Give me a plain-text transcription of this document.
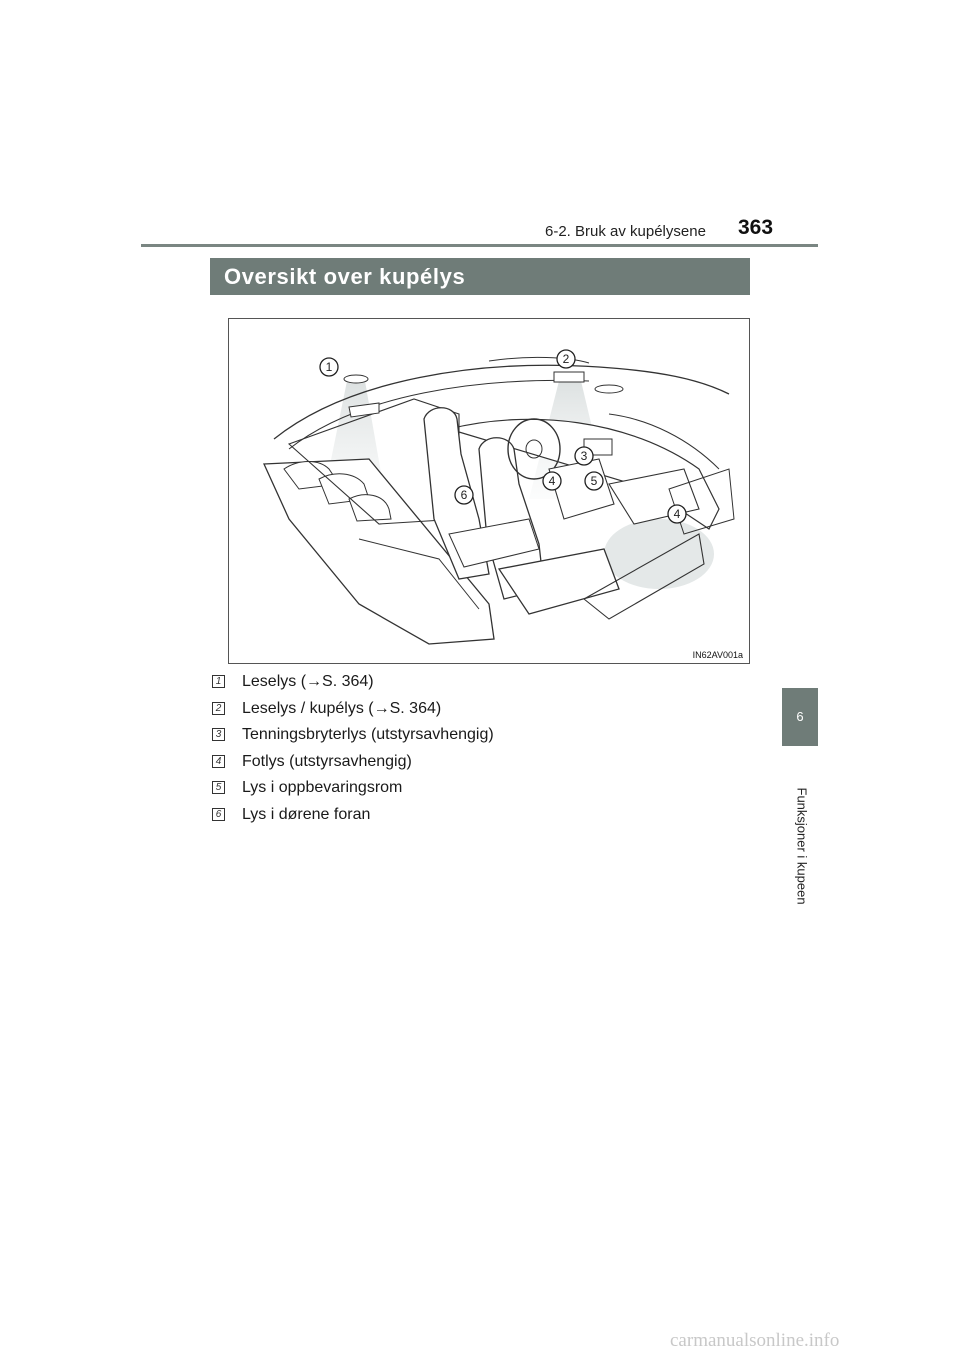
6-2. Bruk av kupélysene 363
Oversikt over kupélys
1
2
3
4	5
4
6
IN62AV001a
1 Leselys (→S. 364)
2 Leselys / kupélys (→S. 364)
3 Tenningsbryterlys (utstyrsavhengig)
4 Fotlys (utstyrsavhengig)
5 Lys i oppbevaringsrom
6 Lys i dørene foran
6
Funksjoner i kupeen
carmanualsonline.info
